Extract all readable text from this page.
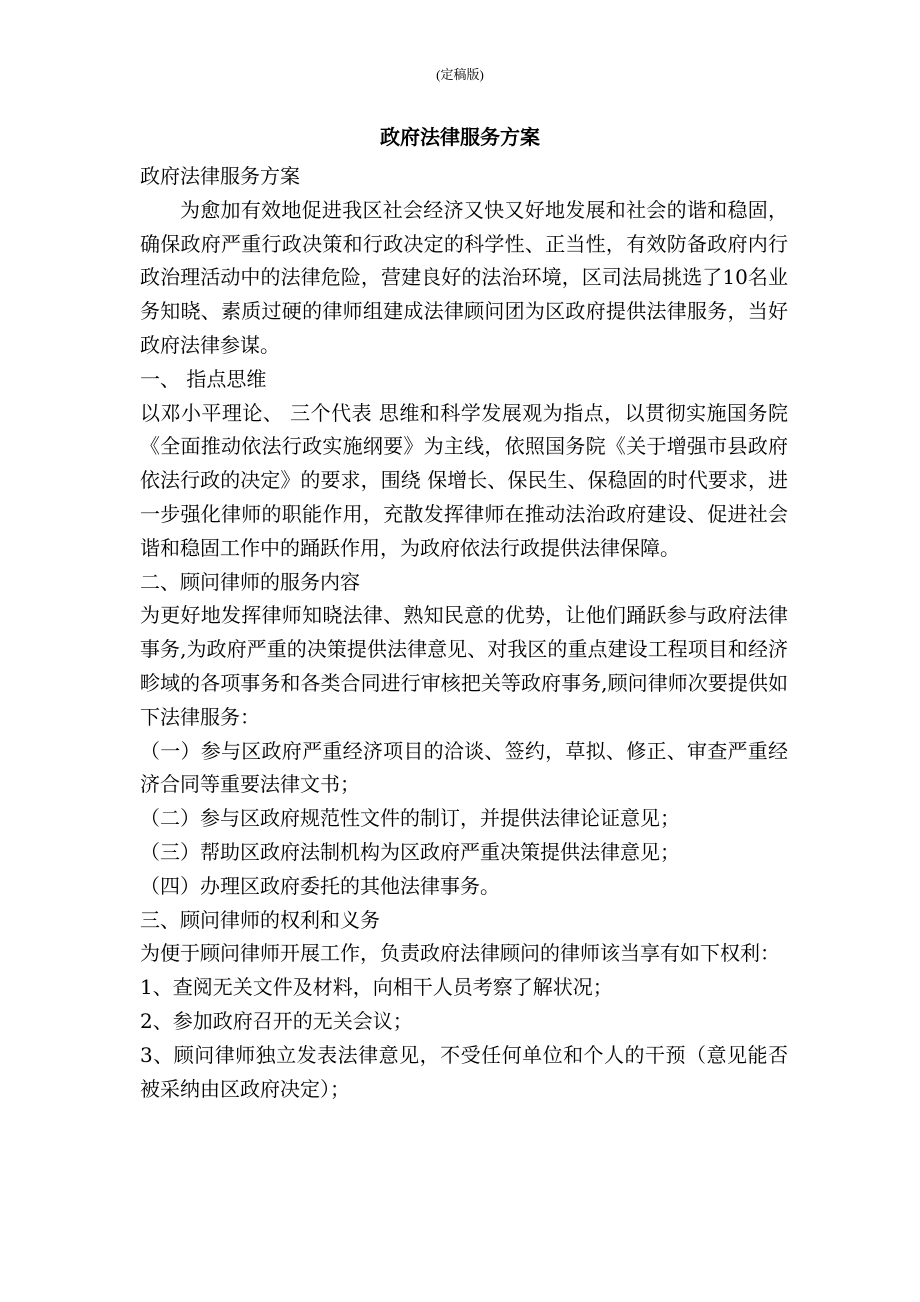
(定稿版)
政府法律服务方案

政府法律服务方案

为愈加有效地促进我区社会经济又快又好地发展和社会的谐和稳固，确保政府严重行政决策和行政决定的科学性、正当性，有效防备政府内行政治理活动中的法律危险，营建良好的法治环境，区司法局挑选了10名业务知晓、素质过硬的律师组建成法律顾问团为区政府提供法律服务，当好政府法律参谋。

一、 指点思维

以邓小平理论、 三个代表 思维和科学发展观为指点，以贯彻实施国务院《全面推动依法行政实施纲要》为主线，依照国务院《关于增强市县政府依法行政的决定》的要求，围绕 保增长、保民生、保稳固的时代要求，进一步强化律师的职能作用，充散发挥律师在推动法治政府建设、促进社会谐和稳固工作中的踊跃作用，为政府依法行政提供法律保障。

二、顾问律师的服务内容

为更好地发挥律师知晓法律、熟知民意的优势，让他们踊跃参与政府法律事务,为政府严重的决策提供法律意见、对我区的重点建设工程项目和经济畛域的各项事务和各类合同进行审核把关等政府事务,顾问律师次要提供如下法律服务：

（一）参与区政府严重经济项目的洽谈、签约，草拟、修正、审查严重经济合同等重要法律文书；

（二）参与区政府规范性文件的制订，并提供法律论证意见；

（三）帮助区政府法制机构为区政府严重决策提供法律意见；

（四）办理区政府委托的其他法律事务。

三、顾问律师的权利和义务

为便于顾问律师开展工作，负责政府法律顾问的律师该当享有如下权利：

1、查阅无关文件及材料，向相干人员考察了解状况；

2、参加政府召开的无关会议；

3、顾问律师独立发表法律意见，不受任何单位和个人的干预（意见能否被采纳由区政府决定）；
